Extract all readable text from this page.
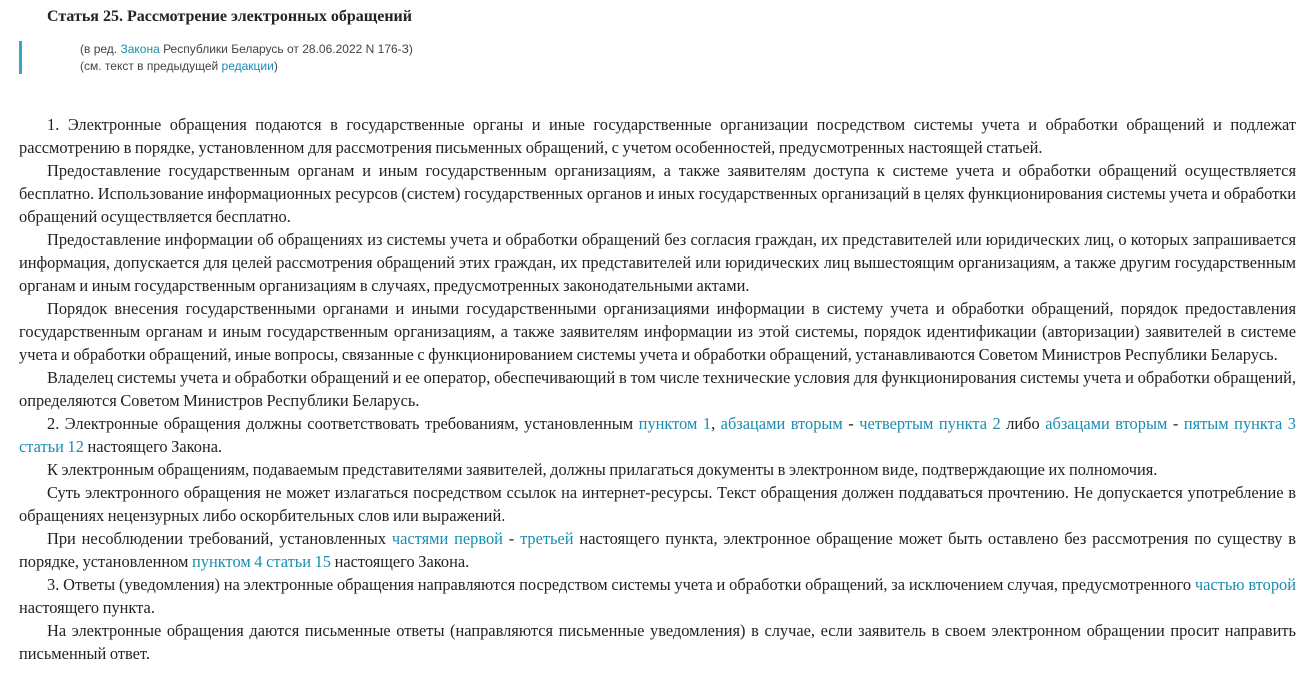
Статья 25. Рассмотрение электронных обращений
(в ред. Закона Республики Беларусь от 28.06.2022 N 176-З)
(см. текст в предыдущей редакции)

1. Электронные обращения подаются в государственные органы и иные государственные организации посредством системы учета и обработки обращений и подлежат рассмотрению в порядке, установленном для рассмотрения письменных обращений, с учетом особенностей, предусмотренных настоящей статьей.

Предоставление государственным органам и иным государственным организациям, а также заявителям доступа к системе учета и обработки обращений осуществляется бесплатно. Использование информационных ресурсов (систем) государственных органов и иных государственных организаций в целях функционирования системы учета и обработки обращений осуществляется бесплатно.

Предоставление информации об обращениях из системы учета и обработки обращений без согласия граждан, их представителей или юридических лиц, о которых запрашивается информация, допускается для целей рассмотрения обращений этих граждан, их представителей или юридических лиц вышестоящим организациям, а также другим государственным органам и иным государственным организациям в случаях, предусмотренных законодательными актами.

Порядок внесения государственными органами и иными государственными организациями информации в систему учета и обработки обращений, порядок предоставления государственным органам и иным государственным организациям, а также заявителям информации из этой системы, порядок идентификации (авторизации) заявителей в системе учета и обработки обращений, иные вопросы, связанные с функционированием системы учета и обработки обращений, устанавливаются Советом Министров Республики Беларусь.

Владелец системы учета и обработки обращений и ее оператор, обеспечивающий в том числе технические условия для функционирования системы учета и обработки обращений, определяются Советом Министров Республики Беларусь.

2. Электронные обращения должны соответствовать требованиям, установленным пунктом 1, абзацами вторым - четвертым пункта 2 либо абзацами вторым - пятым пункта 3 статьи 12 настоящего Закона.

К электронным обращениям, подаваемым представителями заявителей, должны прилагаться документы в электронном виде, подтверждающие их полномочия.

Суть электронного обращения не может излагаться посредством ссылок на интернет-ресурсы. Текст обращения должен поддаваться прочтению. Не допускается употребление в обращениях нецензурных либо оскорбительных слов или выражений.

При несоблюдении требований, установленных частями первой - третьей настоящего пункта, электронное обращение может быть оставлено без рассмотрения по существу в порядке, установленном пунктом 4 статьи 15 настоящего Закона.

3. Ответы (уведомления) на электронные обращения направляются посредством системы учета и обработки обращений, за исключением случая, предусмотренного частью второй настоящего пункта.

На электронные обращения даются письменные ответы (направляются письменные уведомления) в случае, если заявитель в своем электронном обращении просит направить письменный ответ.
